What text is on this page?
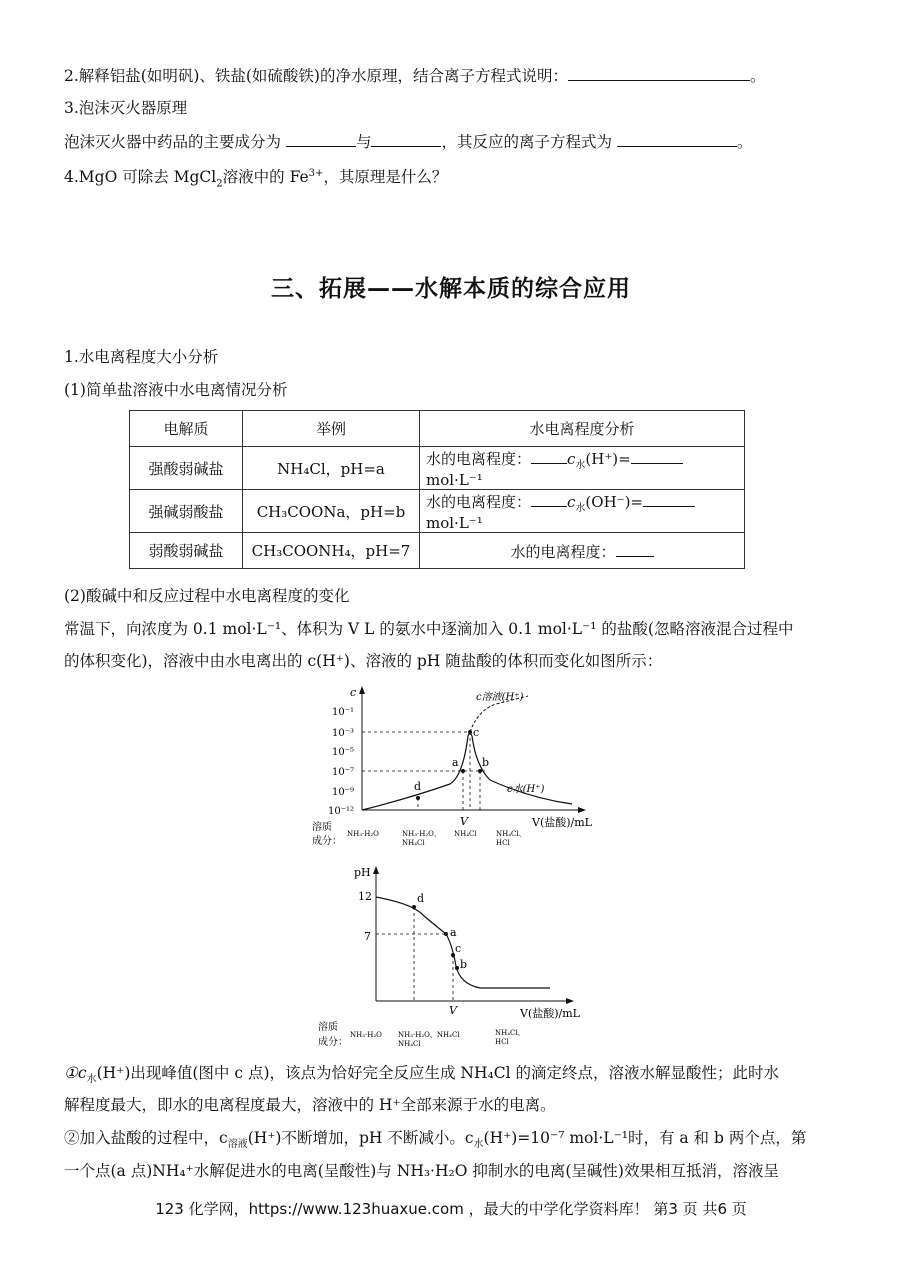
2.解释铝盐(如明矾)、铁盐(如硫酸铁)的净水原理，结合离子方程式说明：	。
3.泡沫灭火器原理
泡沫灭火器中药品的主要成分为	与	，其反应的离子方程式为	。
4.MgO 可除去 MgCl$_2$溶液中的 $Fe^{3+}$，其原理是什么？
三、拓展——水解本质的综合应用
1.水电离程度大小分析
(1)简单盐溶液中水电离情况分析
电解质	举例	水电离程度分析
强酸弱碱盐	NH₄Cl，pH=a	水的电离程度： $c_水(H^+)=mol\cdot L^{-1}$
强碱弱酸盐	CH₃COONa，pH=b	水的电离程度： $c_水(OH^-)=mol\cdot L^{-1}$
弱酸弱碱盐	CH₃COONH₄，pH=7	水的电离程度：
(2)酸碱中和反应过程中水电离程度的变化
常温下，向浓度为 0.1 mol·L⁻¹、体积为 V L 的氨水中逐滴加入 0.1 mol·L⁻¹ 的盐酸(忽略溶液混合过程中
的体积变化)，溶液中由水电离出的 c(H⁺)、溶液的 pH 随盐酸的体积而变化如图所示：
c
10⁻¹
10⁻³
10⁻⁵
10⁻⁷
10⁻⁹
10⁻¹²
a b
c
d
c溶液(H⁺)
c水(H⁺)
V	V(盐酸)/mL
溶质
成分：
NH₃·H₂O	NH₃·H₂O、
NH₄Cl
NH₄Cl	NH₄Cl、
HCl
pH
12
7	a
b
c
d
V	V(盐酸)/mL
溶质
成分：
NH₃·H₂O NH₃·H₂O、NH₄Cl
NH₄Cl
NH₄Cl、
HCl
$①c_水(H^+)$出现峰值(图中 c 点)，该点为恰好完全反应生成 NH₄Cl 的滴定终点，溶液水解显酸性；此时水
解程度最大，即水的电离程度最大，溶液中的 H⁺全部来源于水的电离。
②加入盐酸的过程中，$c_{溶液}(H^+)$不断增加，pH 不断减小。$c_水(H^+)=10^{-7}$ mol·L⁻¹时，有 a 和 b 两个点，第
一个点(a 点)NH₄⁺水解促进水的电离(呈酸性)与 NH₃·H₂O 抑制水的电离(呈碱性)效果相互抵消，溶液呈
123 化学网，https://www.123huaxue.com ，最大的中学化学资料库！ 第3 页 共6 页
